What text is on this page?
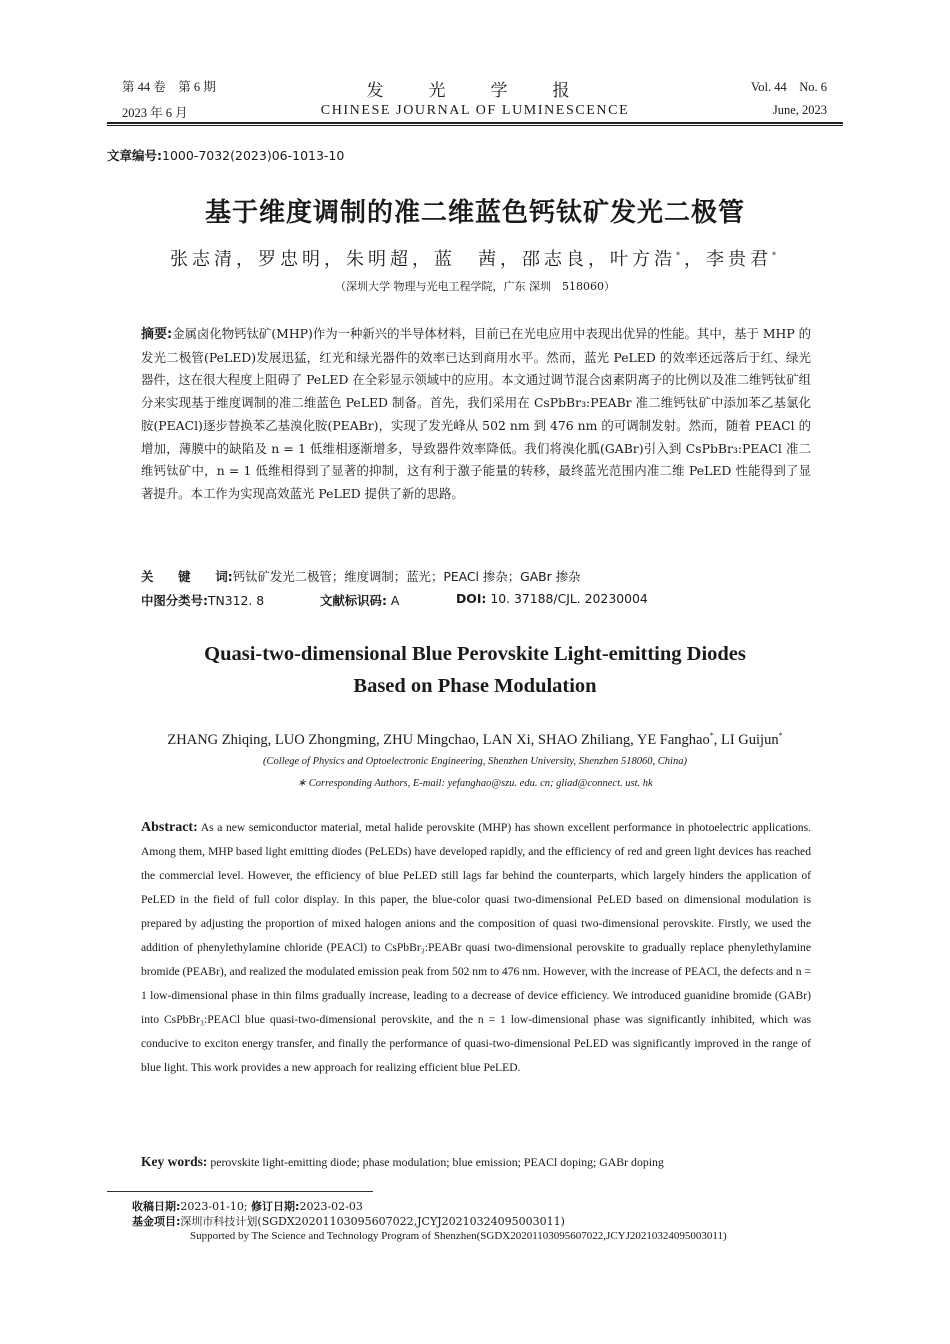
第 44 卷　第 6 期
2023 年 6 月
发　光　学　报
CHINESE JOURNAL OF LUMINESCENCE
Vol. 44　No. 6
June, 2023
文章编号:1000-7032(2023)06-1013-10
基于维度调制的准二维蓝色钙钛矿发光二极管
张志清，罗忠明，朱明超，蓝　茜，邵志良，叶方浩*，李贵君*
（深圳大学 物理与光电工程学院，广东 深圳　518060）
摘要:金属卤化物钙钛矿(MHP)作为一种新兴的半导体材料，目前已在光电应用中表现出优异的性能。其中，基于 MHP 的发光二极管(PeLED)发展迅猛，红光和绿光器件的效率已达到商用水平。然而，蓝光 PeLED 的效率还远落后于红、绿光器件，这在很大程度上阻碍了 PeLED 在全彩显示领域中的应用。本文通过调节混合卤素阴离子的比例以及准二维钙钛矿组分来实现基于维度调制的准二维蓝色 PeLED 制备。首先，我们采用在 CsPbBr₃:PEABr 准二维钙钛矿中添加苯乙基氯化胺(PEACl)逐步替换苯乙基溴化胺(PEABr)，实现了发光峰从 502 nm 到 476 nm 的可调制发射。然而，随着 PEACl 的增加，薄膜中的缺陷及 n = 1 低维相逐渐增多，导致器件效率降低。我们将溴化胍(GABr)引入到 CsPbBr₃:PEACl 准二维钙钛矿中，n = 1 低维相得到了显著的抑制，这有利于激子能量的转移，最终蓝光范围内准二维 PeLED 性能得到了显著提升。本工作为实现高效蓝光 PeLED 提供了新的思路。
关　　键　　词:钙钛矿发光二极管；维度调制；蓝光；PEACl 掺杂；GABr 掺杂
中图分类号:TN312. 8	文献标识码: A	DOI: 10. 37188/CJL. 20230004
Quasi-two-dimensional Blue Perovskite Light-emitting Diodes
Based on Phase Modulation
ZHANG Zhiqing, LUO Zhongming, ZHU Mingchao, LAN Xi, SHAO Zhiliang, YE Fanghao*, LI Guijun*
(College of Physics and Optoelectronic Engineering, Shenzhen University, Shenzhen 518060, China)
∗ Corresponding Authors, E-mail: yefanghao@szu. edu. cn; gliad@connect. ust. hk
Abstract: As a new semiconductor material, metal halide perovskite (MHP) has shown excellent performance in photoelectric applications. Among them, MHP based light emitting diodes (PeLEDs) have developed rapidly, and the efficiency of red and green light devices has reached the commercial level. However, the efficiency of blue PeLED still lags far behind the counterparts, which largely hinders the application of PeLED in the field of full color display. In this paper, the blue-color quasi two-dimensional PeLED based on dimensional modulation is prepared by adjusting the proportion of mixed halogen anions and the composition of quasi two-dimensional perovskite. Firstly, we used the addition of phenylethylamine chloride (PEACl) to CsPbBr₃:PEABr quasi two-dimensional perovskite to gradually replace phenylethylamine bromide (PEABr), and realized the modulated emission peak from 502 nm to 476 nm. However, with the increase of PEACl, the defects and n = 1 low-dimensional phase in thin films gradually increase, leading to a decrease of device efficiency. We introduced guanidine bromide (GABr) into CsPbBr₃:PEACl blue quasi-two-dimensional perovskite, and the n = 1 low-dimensional phase was significantly inhibited, which was conducive to exciton energy transfer, and finally the performance of quasi-two-dimensional PeLED was significantly improved in the range of blue light. This work provides a new approach for realizing efficient blue PeLED.
Key words: perovskite light-emitting diode; phase modulation; blue emission; PEACl doping; GABr doping
收稿日期:2023-01-10; 修订日期:2023-02-03
基金项目:深圳市科技计划(SGDX20201103095607022,JCYJ20210324095003011)
Supported by The Science and Technology Program of Shenzhen(SGDX20201103095607022,JCYJ20210324095003011)
